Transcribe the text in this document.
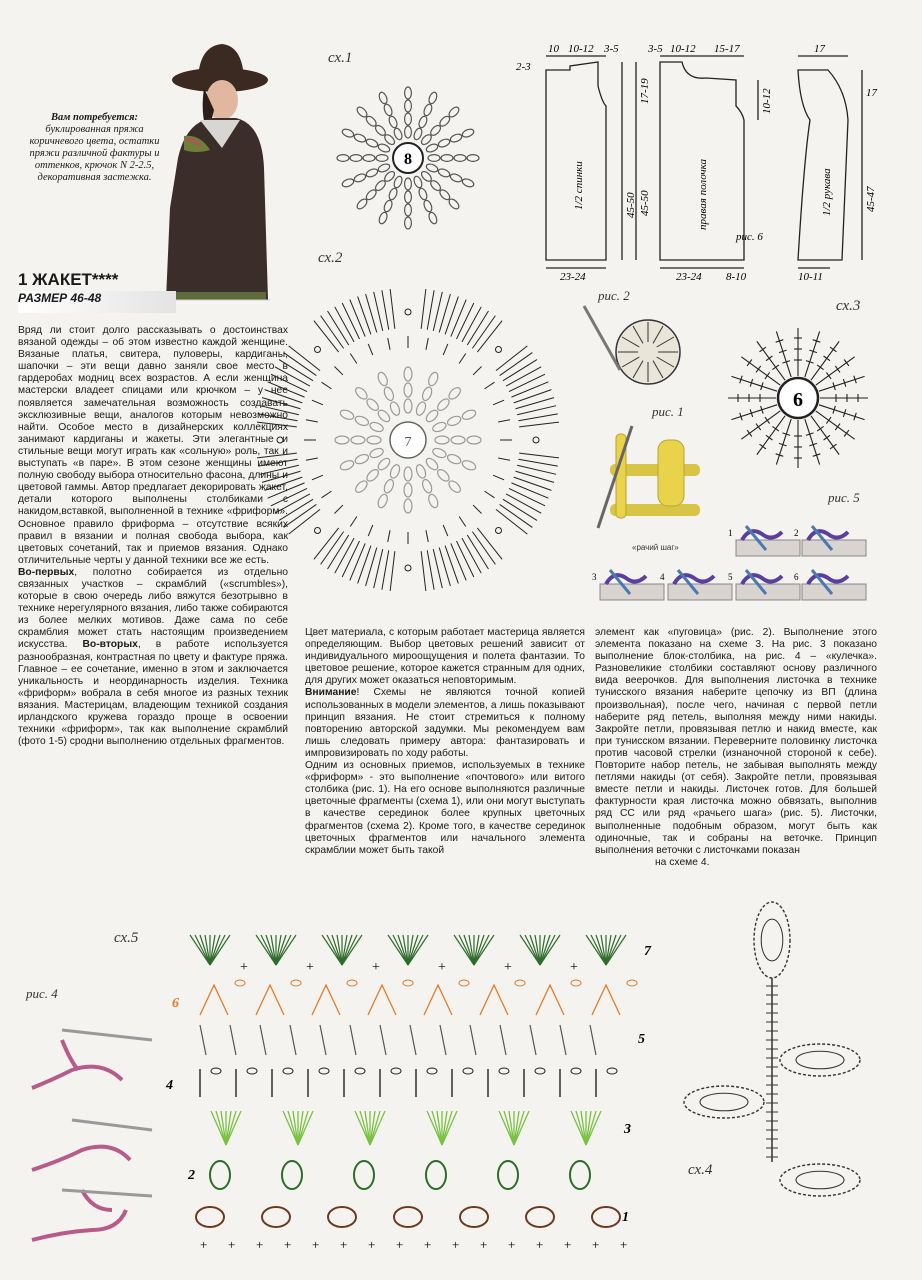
Вам потребуется: буклированная пряжа коричневого цвета, остатки пряжи различной фактуры и оттенков, крючок N 2-2.5, декоративная застежка.
1 ЖАКЕТ****
РАЗМЕР 46-48
сх.1
8
сх.2
7
10 10-12 3-5
2-3
23-24
3-5 10-12 15-17
23-24 8-10
17
17
10-11
рис. 6
1/2 спинки	45-50	правая полочка
45-50
17-19	10-12
1/2 рукава	45-47
рис. 2
сх.3
6
рис. 1
рис. 5
«рачий шаг»
1	2
3	4	5	6

Вряд ли стоит долго рассказывать о достоинствах вязаной одежды – об этом известно каждой женщине. Вязаные платья, свитера, пуловеры, кардиганы, шапочки – эти вещи давно заняли свое место в гардеробах модниц всех возрастов. А если женщина мастерски владеет спицами или крючком – у нее появляется замечательная возможность создавать эксклюзивные вещи, аналогов которым невозможно найти. Особое место в дизайнерских коллекциях занимают кардиганы и жакеты. Эти элегантные и стильные вещи могут играть как «сольную» роль, так и выступать «в паре». В этом сезоне женщины имеют полную свободу выбора относительно фасона, длины и цветовой гаммы. Автор предлагает декорировать жакет, детали которого выполнены столбиками с накидом,вставкой, выполненной в технике «фриформ». Основное правило фриформа – отсутствие всяких правил в вязании и полная свобода выбора, как цветовых сочетаний, так и приемов вязания. Однако отличительные черты у данной техники все же есть.

Во-первых, полотно собирается из отдельно связанных участков – скрамблий («scrumbles»), которые в свою очередь либо вяжутся безотрывно в технике нерегулярного вязания, либо также собираются из более мелких мотивов. Даже сама по себе скрамблия может стать настоящим произведением искусства. Во-вторых, в работе используется разнообразная, контрастная по цвету и фактуре пряжа. Главное – ее сочетание, именно в этом и заключается уникальность и неординарность изделия. Техника «фриформ» вобрала в себя многое из разных техник вязания. Мастерицам, владеющим техникой создания ирландского кружева гораздо проще в освоении техники «фриформ», так как выполнение скрамблий (фото 1-5) сродни выполнению отдельных фрагментов.

Цвет материала, с которым работает мастерица является определяющим. Выбор цветовых решений зависит от индивидуального мироощущения и полета фантазии. То цветовое решение, которое кажется странным для одних, для других может оказаться неповторимым.

Внимание! Схемы не являются точной копией использованных в модели элементов, а лишь показывают принцип вязания. Не стоит стремиться к полному повторению авторской задумки. Мы рекомендуем вам лишь следовать примеру автора: фантазировать и импровизировать по ходу работы.

Одним из основных приемов, используемых в технике «фриформ» - это выполнение «почтового» или витого столбика (рис. 1). На его основе выполняются различные цветочные фрагменты (схема 1), или они могут выступать в качестве серединок более крупных цветочных фрагментов (схема 2). Кроме того, в качестве серединок цветочных фрагментов или начального элемента скрамблии может быть такой

элемент как «пуговица» (рис. 2). Выполнение этого элемента показано на схеме 3. На рис. 3 показано выполнение блок-столбика, на рис. 4 – «кулечка». Разновеликие столбики составляют основу различного вида веерочков. Для выполнения листочка в технике тунисского вязания наберите цепочку из ВП (длина произвольная), после чего, начиная с первой петли наберите ряд петель, выполняя между ними накиды. Закройте петли, провязывая петлю и накид вместе, как при тунисском вязании. Переверните половинку листочка против часовой стрелки (изнаночной стороной к себе). Повторите набор петель, не забывая выполнять между петлями накиды (от себя). Закройте петли, провязывая вместе петли и накиды. Листочек готов. Для большей фактурности края листочка можно обвязать, выполнив ряд СС или ряд «рачьего шага» (рис. 5). Листочки, выполненные подобным образом, могут быть как одиночные, так и собраны на веточке. Принцип выполнения веточки с листочками показан

на схеме 4.

сх.5
рис. 4
+	+	+	+	+	+
+ + + + + + + + + + + + + + + +
1
2
3
4
5
6
7
сх.4
